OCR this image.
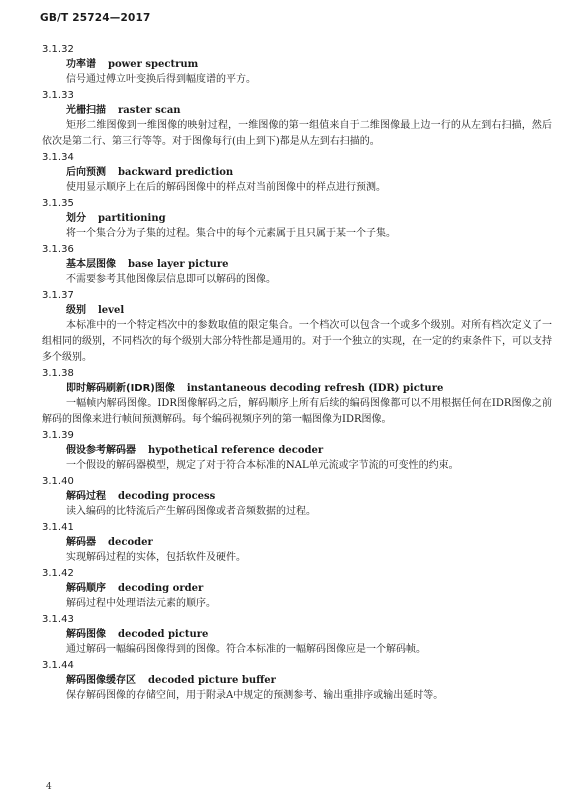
GB/T 25724—2017
3.1.32
功率谱 power spectrum

信号通过傅立叶变换后得到幅度谱的平方。

3.1.33
光栅扫描 raster scan

矩形二维图像到一维图像的映射过程，一维图像的第一组值来自于二维图像最上边一行的从左到右扫描，然后依次是第二行、第三行等等。对于图像每行(由上到下)都是从左到右扫描的。

3.1.34
后向预测 backward prediction

使用显示顺序上在后的解码图像中的样点对当前图像中的样点进行预测。

3.1.35
划分 partitioning

将一个集合分为子集的过程。集合中的每个元素属于且只属于某一个子集。

3.1.36
基本层图像 base layer picture

不需要参考其他图像层信息即可以解码的图像。

3.1.37
级别 level

本标准中的一个特定档次中的参数取值的限定集合。一个档次可以包含一个或多个级别。对所有档次定义了一组相同的级别，不同档次的每个级别大部分特性都是通用的。对于一个独立的实现，在一定的约束条件下，可以支持多个级别。

3.1.38
即时解码刷新(IDR)图像 instantaneous decoding refresh (IDR) picture

一幅帧内解码图像。IDR图像解码之后，解码顺序上所有后续的编码图像都可以不用根据任何在IDR图像之前解码的图像来进行帧间预测解码。每个编码视频序列的第一幅图像为IDR图像。

3.1.39
假设参考解码器 hypothetical reference decoder

一个假设的解码器模型，规定了对于符合本标准的NAL单元流或字节流的可变性的约束。

3.1.40
解码过程 decoding process

读入编码的比特流后产生解码图像或者音频数据的过程。

3.1.41
解码器 decoder

实现解码过程的实体，包括软件及硬件。

3.1.42
解码顺序 decoding order

解码过程中处理语法元素的顺序。

3.1.43
解码图像 decoded picture

通过解码一幅编码图像得到的图像。符合本标准的一幅解码图像应是一个解码帧。

3.1.44
解码图像缓存区 decoded picture buffer

保存解码图像的存储空间，用于附录A中规定的预测参考、输出重排序或输出延时等。

4
